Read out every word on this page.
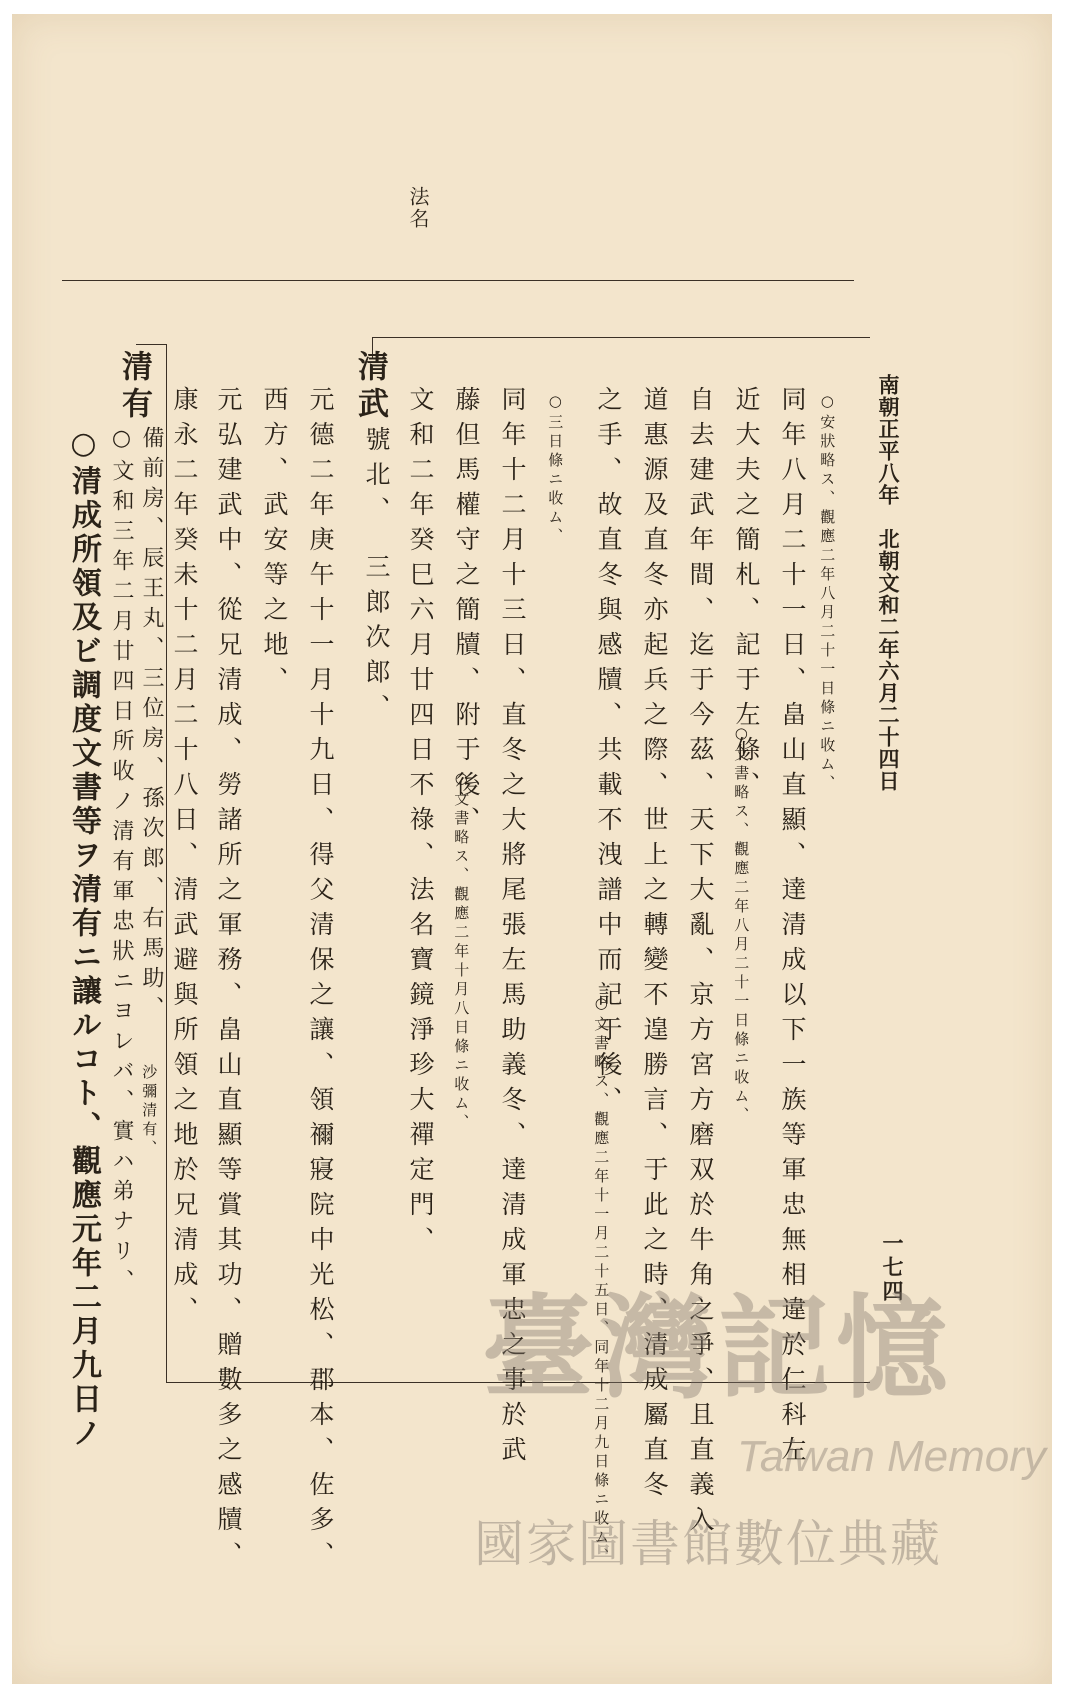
南朝正平八年　北朝文和二年六月二十四日
一七四
法名
同年八月二十一日、畠山直顯、達清成以下一族等軍忠無相違於仁科左 ○安狀略ス、觀應二年八月二十一日條ニ收ム、
近大夫之簡札、記于左條、
○文書略ス、觀應二年八月二十一日條ニ收ム、
自去建武年間、迄于今茲、天下大亂、京方宮方磨双於牛角之爭、且直義入
道惠源及直冬亦起兵之際、世上之轉變不遑勝言、于此之時、清成屬直冬
之手、故直冬與感牘、共載不洩譜中而記于後、
○文書略ス、觀應二年十一月二十五日、同年十二月九日條ニ收ム、
○三日條ニ收ム、
同年十二月十三日、直冬之大將尾張左馬助義冬、達清成軍忠之事於武
藤但馬權守之簡牘、附于後、
○文書略ス、觀應二年十月八日條ニ收ム、
文和二年癸巳六月廿四日不祿、法名寶鏡淨珍大禪定門、
清武
號北、　三郎次郎、
元德二年庚午十一月十九日、得父清保之讓、領禰寢院中光松、郡本、佐多、
西方、武安等之地、
元弘建武中、從兄清成、勞諸所之軍務、畠山直顯等賞其功、贈數多之感牘、
康永二年癸未十二月二十八日、清武避與所領之地於兄清成、
備前房、辰王丸、三位房、孫次郎、右馬助、
沙彌清有、
○文和三年二月廿四日所收ノ清有軍忠狀ニヨレバ、實ハ弟ナリ、
清有
○清成所領及ビ調度文書等ヲ清有ニ讓ルコト、觀應元年二月九日ノ	臺灣記憶
Taiwan Memory
國家圖書館數位典藏
